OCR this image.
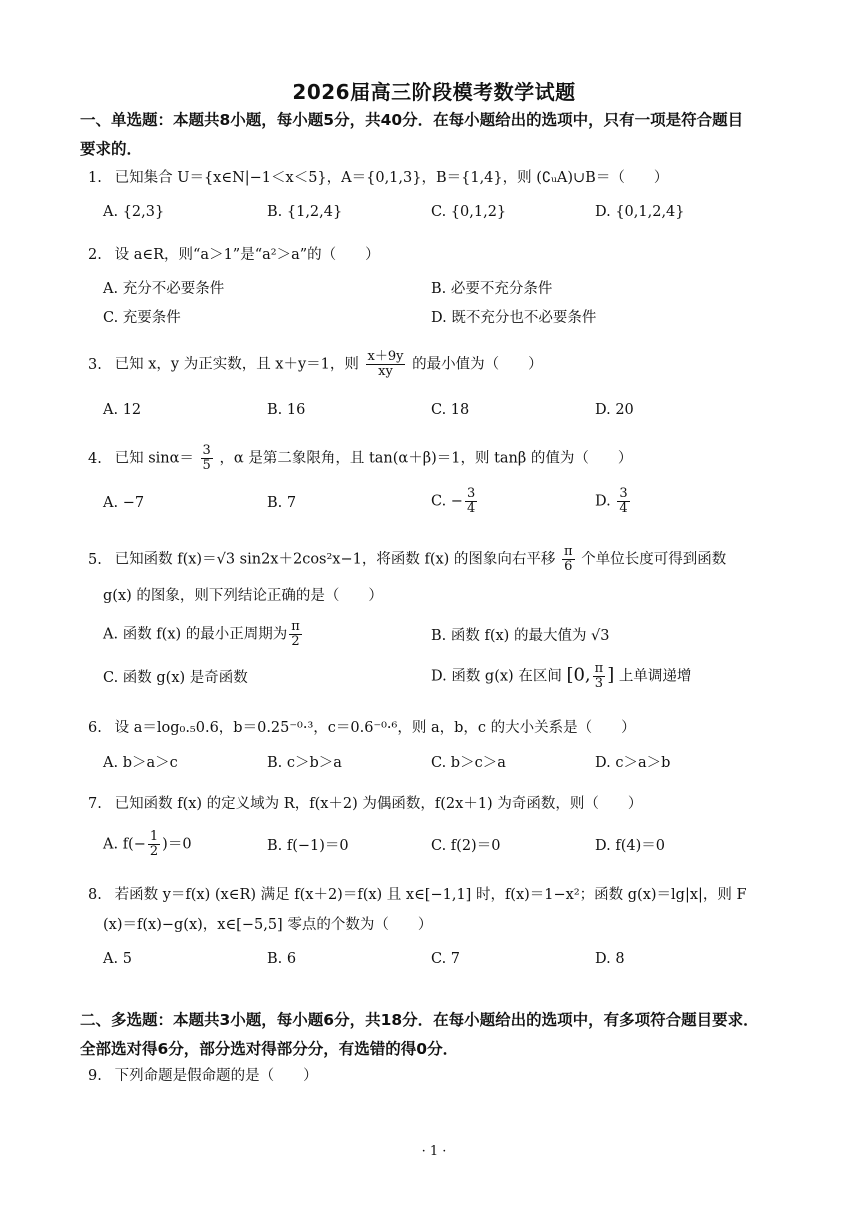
2026届高三阶段模考数学试题
一、单选题：本题共8小题，每小题5分，共40分．在每小题给出的选项中，只有一项是符合题目
要求的．
1. 已知集合 U＝{x∈N|−1＜x＜5}，A＝{0,1,3}，B＝{1,4}，则 (∁ᵤA)∪B＝（　　）
A. {2,3}	B. {1,2,4}	C. {0,1,2}	D. {0,1,2,4}
2. 设 a∈R，则“a＞1”是“a²＞a”的（　　）
A. 充分不必要条件	B. 必要不充分条件
C. 充要条件	D. 既不充分也不必要条件
3. 已知 x，y 为正实数，且 x＋y＝1，则 $\frac{x+9y}{xy}$ 的最小值为（　　）
A. 12	B. 16	C. 18	D. 20
4. 已知 $\sin\alpha= \frac{3}{5}$ ，α 是第二象限角，且 tan(α＋β)＝1，则 tanβ 的值为（　　）
A. −7	B. 7	C. − $\frac{3}{4}$	D. $\frac{3}{4}$
5. 已知函数 f(x)＝√3 sin2x＋2cos²x−1，将函数 f(x) 的图象向右平移 $\frac{\pi}{6}$ 个单位长度可得到函数
g(x) 的图象，则下列结论正确的是（　　）
A. 函数 f(x) 的最小正周期为 $\frac{\pi}{2}$	B. 函数 f(x) 的最大值为 √3
C. 函数 g(x) 是奇函数	D. 函数 g(x) 在区间 [0, $\frac{\pi}{3}$ ] 上单调递增
6. 设 a＝log₀.₅0.6，b＝0.25⁻⁰·³，c＝0.6⁻⁰·⁶，则 a，b，c 的大小关系是（　　）
A. b＞a＞c	B. c＞b＞a	C. b＞c＞a	D. c＞a＞b
7. 已知函数 f(x) 的定义域为 R，f(x＋2) 为偶函数，f(2x＋1) 为奇函数，则（　　）
A. $f(- \frac{1}{2} )=0$	B. f(−1)＝0	C. f(2)＝0	D. f(4)＝0
8. 若函数 y＝f(x) (x∈R) 满足 f(x＋2)＝f(x) 且 x∈[−1,1] 时，f(x)＝1−x²；函数 g(x)＝lg|x|，则 F
(x)＝f(x)−g(x)，x∈[−5,5] 零点的个数为（　　）
A. 5	B. 6	C. 7	D. 8
二、多选题：本题共3小题，每小题6分，共18分．在每小题给出的选项中，有多项符合题目要求．
全部选对得6分，部分选对得部分分，有选错的得0分．
9. 下列命题是假命题的是（　　）
· 1 ·
